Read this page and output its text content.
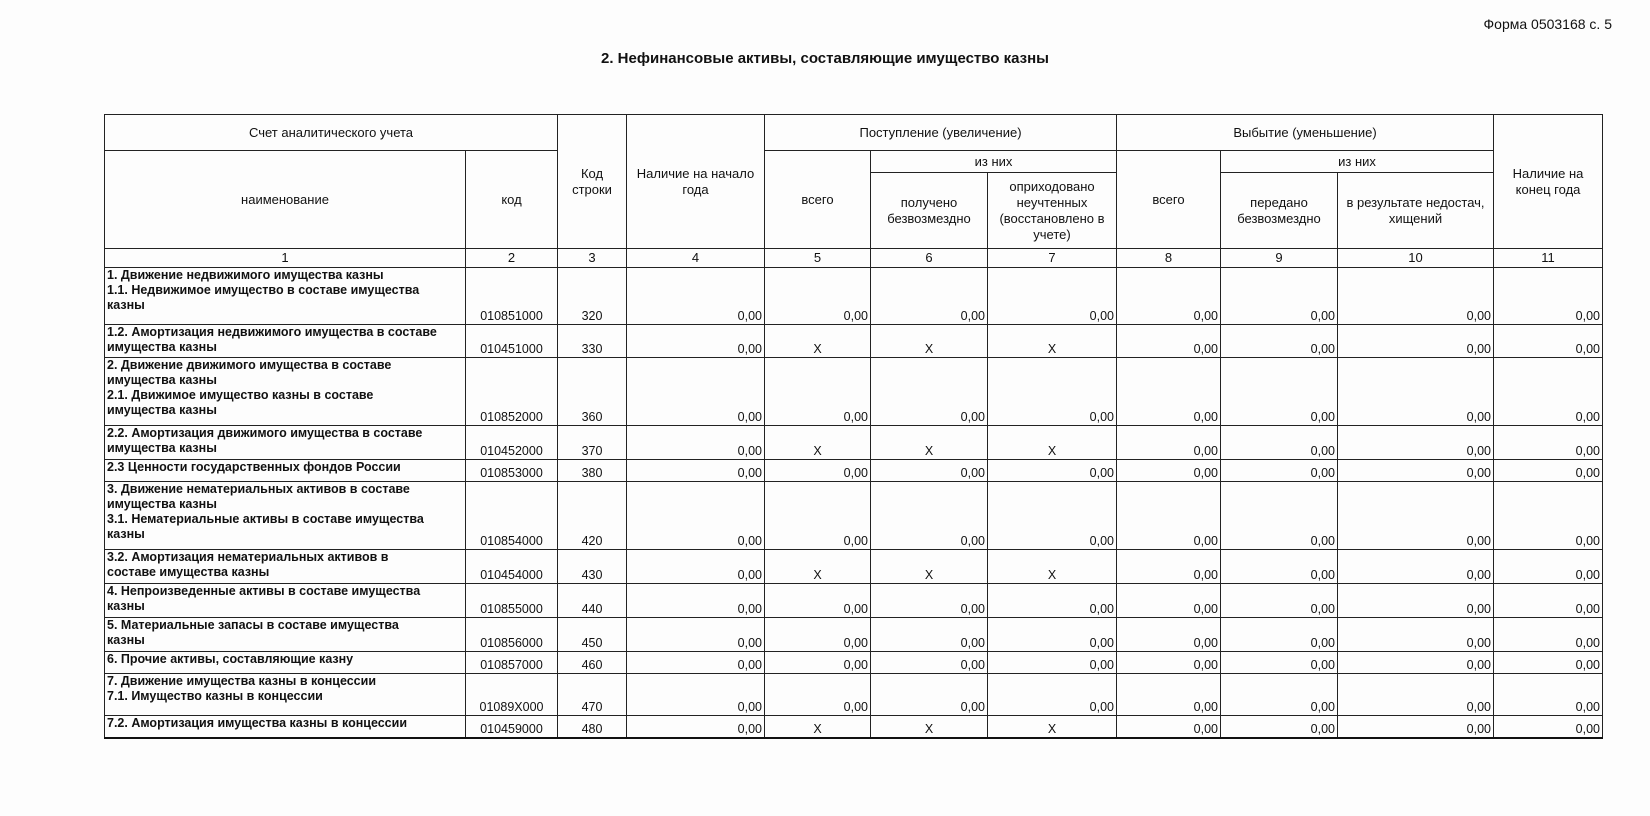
Форма 0503168 с. 5
2. Нефинансовые активы, составляющие имущество казны
Счет аналитического учета		Код строки	Наличие на начало года	Поступление (увеличение)			Выбытие (уменьшение)			Наличие на конец года
наименование	код			всего	из них		всего	из них		
					получено безвозмездно	оприходовано неучтенных (восстановлено в учете)		передано безвозмездно	в результате недостач, хищений	

1	2	3	4	5	6	7	8	9	10	11

1. Движение недвижимого имущества казны
1.1. Недвижимое имущество в составе имущества
казны	010851000	320	0,00	0,00	0,00	0,00	0,00	0,00	0,00	0,00

1.2. Амортизация недвижимого имущества в составе
имущества казны	010451000	330	0,00	X	X	X	0,00	0,00	0,00	0,00

2. Движение движимого имущества в составе
имущества казны
2.1. Движимое имущество казны в составе
имущества казны	010852000	360	0,00	0,00	0,00	0,00	0,00	0,00	0,00	0,00

2.2. Амортизация движимого имущества в составе
имущества казны	010452000	370	0,00	X	X	X	0,00	0,00	0,00	0,00

2.3 Ценности государственных фондов России	010853000	380	0,00	0,00	0,00	0,00	0,00	0,00	0,00	0,00

3. Движение нематериальных активов в составе
имущества казны
3.1. Нематериальные активы в составе имущества
казны	010854000	420	0,00	0,00	0,00	0,00	0,00	0,00	0,00	0,00

3.2. Амортизация нематериальных активов в
составе имущества казны	010454000	430	0,00	X	X	X	0,00	0,00	0,00	0,00

4. Непроизведенные активы в составе имущества
казны	010855000	440	0,00	0,00	0,00	0,00	0,00	0,00	0,00	0,00

5. Материальные запасы в составе имущества
казны	010856000	450	0,00	0,00	0,00	0,00	0,00	0,00	0,00	0,00

6. Прочие активы, составляющие казну	010857000	460	0,00	0,00	0,00	0,00	0,00	0,00	0,00	0,00

7. Движение имущества казны в концессии
7.1. Имущество казны в концессии	01089Х000	470	0,00	0,00	0,00	0,00	0,00	0,00	0,00	0,00

7.2. Амортизация имущества казны в концессии	010459000	480	0,00	X	X	X	0,00	0,00	0,00	0,00
